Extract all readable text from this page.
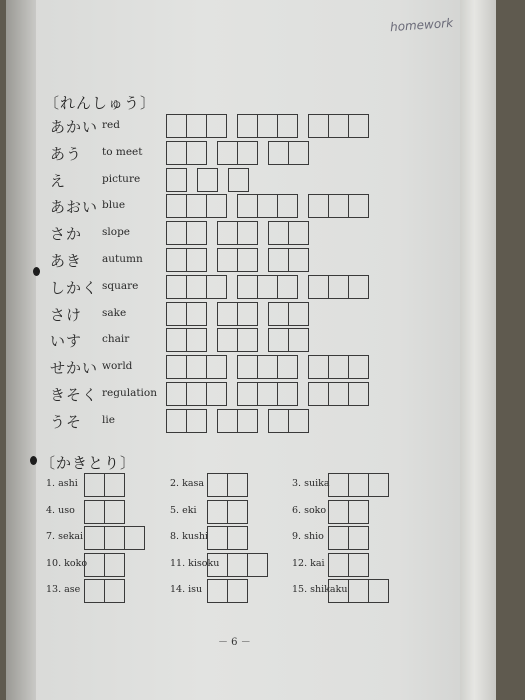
homework
〔れんしゅう〕
あかい red
あう to meet
え	picture
あおい blue
さか slope
あき autumn
しかく square
さけ sake
いす chair
せかい world
きそく regulation
うそ lie
〔かきとり〕
1. ashi	2. kasa	3. suika
4. uso	5. eki	6. soko
7. sekai	8. kushi	9. shio
10. koko	11. kisoku	12. kai
13. ase	14. isu	15. shikaku
－ 6 －
